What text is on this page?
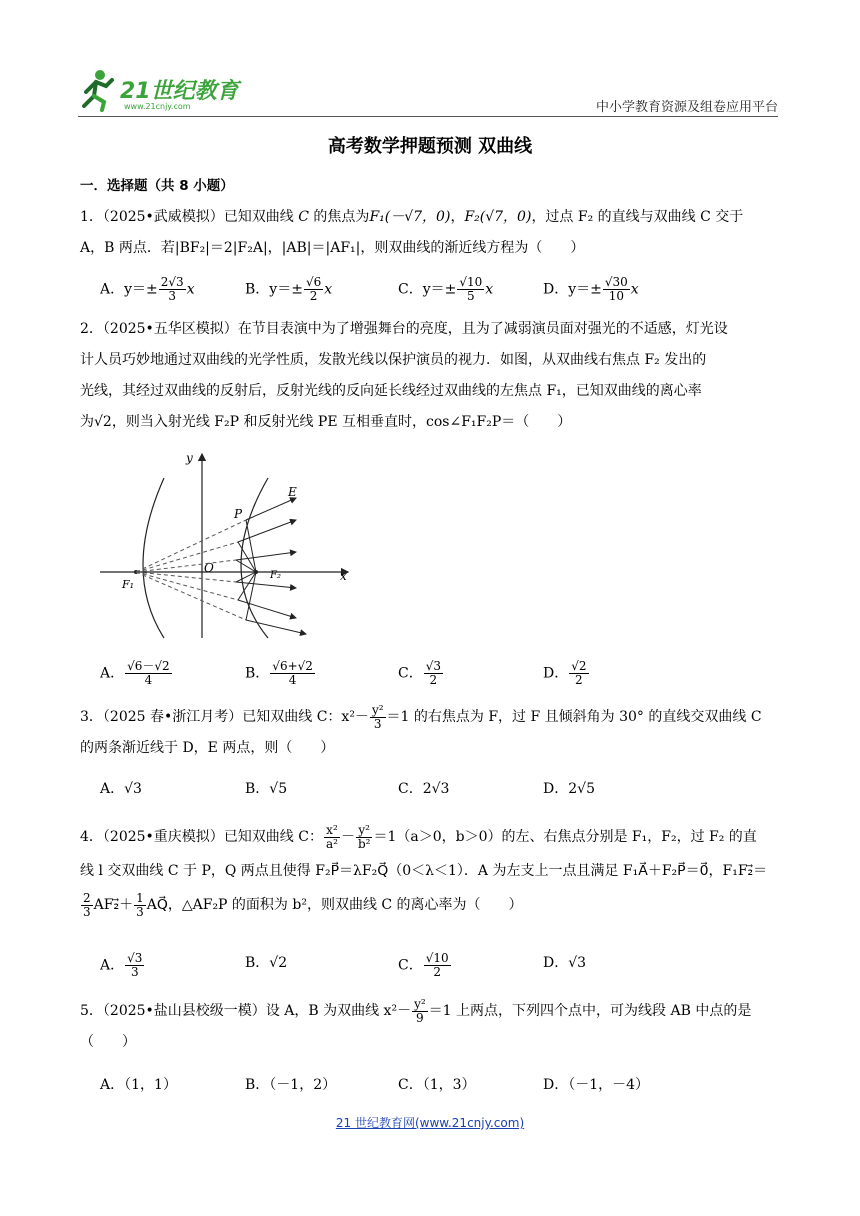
21世纪教育
www.21cnjy.com	中小学教育资源及组卷应用平台
高考数学押题预测 双曲线
一．选择题（共 8 小题）
1．（2025•武威模拟）已知双曲线 C 的焦点为F₁(－√7，0)，F₂(√7，0)，过点 F₂ 的直线与双曲线 C 交于
A，B 两点．若|BF₂|＝2|F₂A|，|AB|＝|AF₁|，则双曲线的渐近线方程为（　　）
A．$y=\pm \frac{2√3}{3}$ x	B．$y=\pm \frac{√6}{2}$ x	C．$y=\pm \frac{√10}{5}$ x	D．$y=\pm \frac{√30}{10}$ x
2．（2025•五华区模拟）在节目表演中为了增强舞台的亮度，且为了减弱演员面对强光的不适感，灯光设
计人员巧妙地通过双曲线的光学性质，发散光线以保护演员的视力．如图，从双曲线右焦点 F₂ 发出的
光线，其经过双曲线的反射后，反射光线的反向延长线经过双曲线的左焦点 F₁，已知双曲线的离心率
为√2，则当入射光线 F₂P 和反射光线 PE 互相垂直时，cos∠F₁F₂P＝（　　）
y
x
O
F₁
F₂
P
E
A． $\frac{√6-√2}{4}$	B． $\frac{√6+√2}{4}$	C． $\frac{√3}{2}$	D． $\frac{√2}{2}$
3．（2025 春•浙江月考）已知双曲线 C：$x^2- \frac{\text{y²}}{3} =1$ 的右焦点为 F，过 F 且倾斜角为 30° 的直线交双曲线 C
的两条渐近线于 D，E 两点，则（　　）
A．√3	B．√5	C．2√3	D．2√5
4．（2025•重庆模拟）已知双曲线 C： $\frac{\text{x²}}{\text{a²}} - \frac{\text{y²}}{\text{b²}} =1(a>0$，b＞0）的左、右焦点分别是 F₁，F₂，过 F₂ 的直
线 l 交双曲线 C 于 P，Q 两点且使得 F₂P⃗＝λF₂Q⃗（0＜λ＜1）．A 为左支上一点且满足 F₁A⃗＋F₂P⃗＝0⃗，F₁F₂⃗＝

$\frac{2}{3}$ AF₂⃗＋ $\frac{1}{3}$ AQ⃗，△AF₂P 的面积为 b²，则双曲线 C 的离心率为（　　）
A． $\frac{√3}{3}$	B．√2	C． $\frac{√10}{2}$	D．√3
5．（2025•盐山县校级一模）设 A，B 为双曲线 $x^2- \frac{\text{y²}}{9} =1$ 上两点，下列四个点中，可为线段 AB 中点的是
（　　）
A．（1，1）	B．（－1，2）	C．（1，3）	D．（－1，－4）
21 世纪教育网(www.21cnjy.com)
